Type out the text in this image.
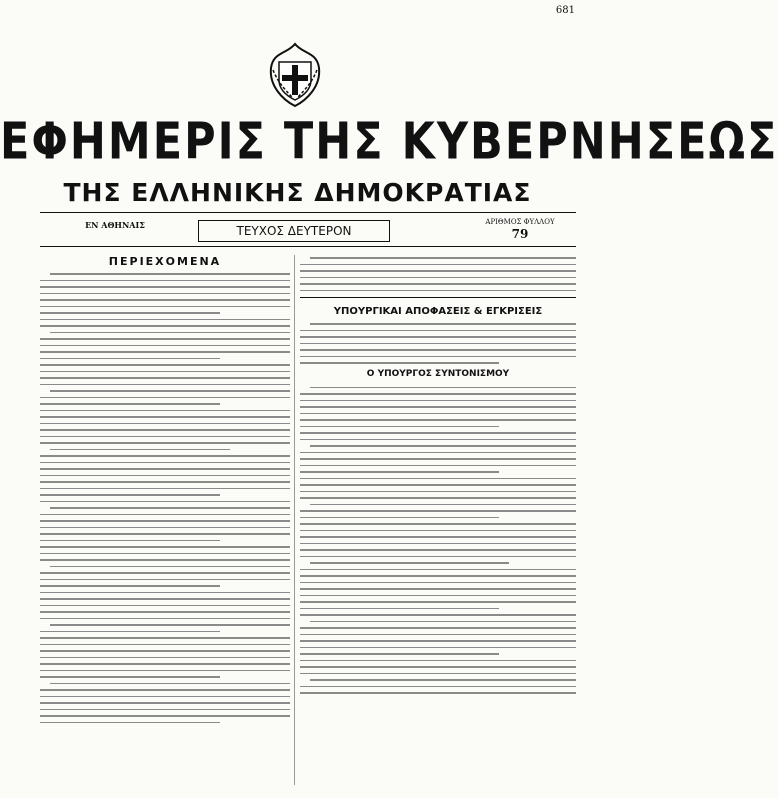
681
ΕΦΗΜΕΡΙΣ ΤΗΣ ΚΥΒΕΡΝΗΣΕΩΣ
ΤΗΣ ΕΛΛΗΝΙΚΗΣ ΔΗΜΟΚΡΑΤΙΑΣ
ΕΝ ΑΘΗΝΑΙΣ	ΤΕΥΧΟΣ ΔΕΥΤΕΡΟΝ
ΑΡΙΘΜΟΣ ΦΥΛΛΟΥ
79
ΠΕΡΙΕΧΟΜΕΝΑ
ΥΠΟΥΡΓΙΚΑΙ ΑΠΟΦΑΣΕΙΣ & ΕΓΚΡΙΣΕΙΣ

Ο ΥΠΟΥΡΓΟΣ ΣΥΝΤΟΝΙΣΜΟΥ
